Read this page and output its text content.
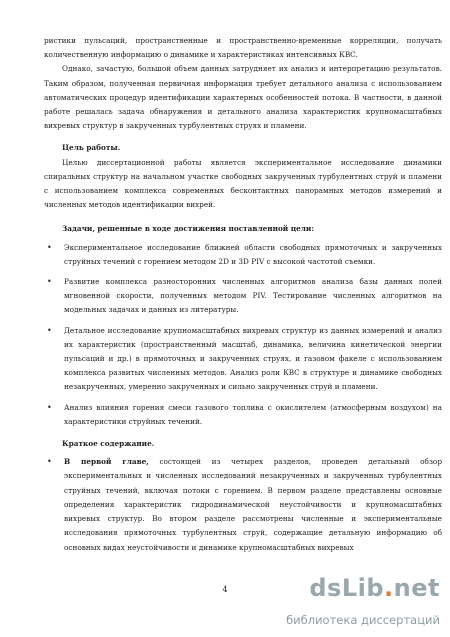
ристики пульсаций, пространственные и пространственно-временные корреляции, получать количественную информацию о динамике и характеристиках интенсивных КВС.

Однако, зачастую, большой объем данных затрудняет их анализ и интерпретацию результатов. Таким образом, полученная первичная информация требует детального анализа с использованием автоматических процедур идентификации характерных особенностей потока. В частности, в данной работе решалась задача обнаружения и детального анализа характеристик крупномасштабных вихревых структур в закрученных турбулентных струях и пламени.

Цель работы.

Целью диссертационной работы является экспериментальное исследование динамики спиральных структур на начальном участке свободных закрученных турбулентных струй и пламени с использованием комплекса современных бесконтактных панорамных методов измерений и численных методов идентификации вихрей.

Задачи, решенные в ходе достижения поставленной цели:

• Экспериментальное исследование ближней области свободных прямоточных и закрученных струйных течений с горением методом 2D и 3D PIV с высокой частотой съемки.
• Развитие комплекса разносторонних численных алгоритмов анализа базы данных полей мгновенной скорости, полученных методом PIV. Тестирование численных алгоритмов на модельных задачах и данных из литературы.
• Детальное исследование крупномасштабных вихревых структур из данных измерений и анализ их характеристик (пространственный масштаб, динамика, величина кинетической энергии пульсаций и др.) в прямоточных и закрученных струях, и газовом факеле с использованием комплекса развитых численных методов. Анализ роли КВС в структуре и динамике свободных незакрученных, умеренно закрученных и сильно закрученных струй и пламени.
• Анализ влияния горения смеси газового топлива с окислителем (атмосферным воздухом) на характеристики струйных течений.

Краткое содержание.

• В первой главе, состоящей из четырех разделов, проведен детальный обзор экспериментальных и численных исследований незакрученных и закрученных турбулентных струйных течений, включая потоки с горением. В первом разделе представлены основные определения характеристик гидродинамической неустойчивости и крупномасштабных вихревых структур. Во втором разделе рассмотрены численные и экспериментальные исследования прямоточных турбулентных струй, содержащие детальную информацию об основных видах неустойчивости и динамике крупномасштабных вихревых
4	dsLib.net
библиотека диссертаций
